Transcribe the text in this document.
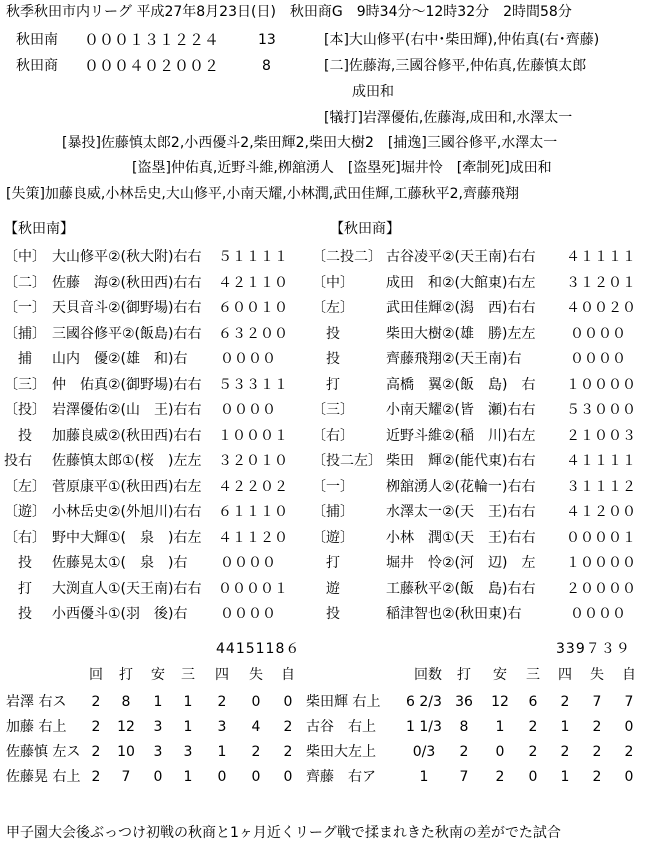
秋季秋田市内リーグ 平成27年8月23日(日)　秋田商G　9時34分～12時32分　2時間58分
秋田南 ０００１３１２２４	13
秋田商 ０００４０２００２	8
[本]大山修平(右中･柴田輝),仲佑真(右･齊藤)
[二]佐藤海,三國谷修平,仲佑真,佐藤慎太郎
成田和
[犠打]岩澤優佑,佐藤海,成田和,水澤太一
[暴投]佐藤慎太郎2,小西優斗2,柴田輝2,柴田大樹2　[捕逸]三國谷修平,水澤太一
[盗塁]仲佑真,近野斗維,栁舘湧人　[盗塁死]堀井怜　[牽制死]成田和
[失策]加藤良威,小林岳史,大山修平,小南天耀,小林潤,武田佳輝,工藤秋平2,齊藤飛翔
【秋田南】	【秋田商】
〔中〕 大山修平②(秋大附)右右 ５１１１１
〔二〕 佐藤　海②(秋田西)右右 ４２１１０
〔一〕 天貝音斗②(御野場)右右 ６００１０
〔捕〕 三國谷修平②(飯島)右右 ６３２００
捕 山内　優②(雄　和)右　 ００００
〔三〕 仲　佑真②(御野場)右右 ５３３１１
〔投〕 岩澤優佑②(山　王)右右 ００００
投 加藤良威②(秋田西)右右 １０００１
投右 佐藤慎太郎①(桜　)左左 ３２０１０
〔左〕 菅原康平①(秋田西)右左 ４２２０２
〔遊〕 小林岳史②(外旭川)右右 ６１１１０
〔右〕 野中大輝①(　泉　)右左 ４１１２０
投 佐藤晃太①(　泉　)右　 ００００
打 大渕直人①(天王南)右右 ００００１
投 小西優斗①(羽　後)右　 ００００
〔二投二〕 古谷凌平②(天王南)右右 ４１１１１
〔中〕 成田　和②(大館東)右左 ３１２０１
〔左〕 武田佳輝②(潟　西)右右 ４００２０
投	柴田大樹②(雄　勝)左左 ００００
投	齊藤飛翔②(天王南)右　 ００００
打	高橋　翼②(飯　島)　右 １００００
〔三〕 小南天耀②(皆　瀬)右右 ５３０００
〔右〕 近野斗維②(稲　川)右左 ２１００３
〔投二左〕 柴田　輝②(能代東)右右 ４１１１１
〔一〕 栁舘湧人②(花輪一)右右 ３１１１２
〔捕〕 水澤太一②(天　王)右右 ４１２００
〔遊〕 小林　潤①(天　王)右右 ００００１
打	堀井　怜②(河　辺)　左 １００００
遊	工藤秋平②(飯　島)右右 ２００００
投	稲津智也②(秋田東)右　 ００００
4415118６	339７３９
回	打	安	三	四	失	自	回数	打	安	三	四	失	自
岩澤 右ス	2	8	1	1	2	0	0
加藤 右上	2	12	3	1	3	4	2
佐藤慎 左ス 2	10	3	3	1	2	2
佐藤晃 右上 2	7	0	1	0	0	0
柴田輝 右上 6 2/3 36 12	6	2	7	7
古谷　右上 1 1/3	8	1	2	1	2	0
柴田大左上	0/3	2	0	2	2	2	2
齊藤　右ア	1	7	2	0	1	2	0
甲子園大会後ぶっつけ初戦の秋商と1ヶ月近くリーグ戦で揉まれきた秋南の差がでた試合
